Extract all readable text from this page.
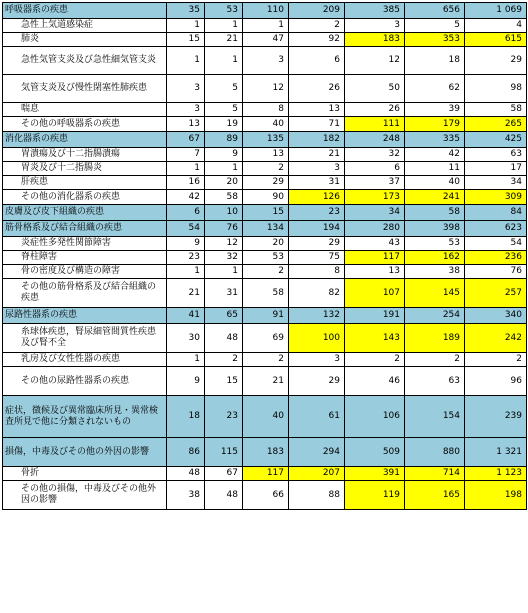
呼吸器系の疾患	35	53	110	209	385	656	1 069
急性上気道感染症	1	1	1	2	3	5	4
肺炎	15	21	47	92	183	353	615
急性気管支炎及び急性細気管支炎	1	1	3	6	12	18	29
気管支炎及び慢性閉塞性肺疾患	3	5	12	26	50	62	98
喘息	3	5	8	13	26	39	58
その他の呼吸器系の疾患	13	19	40	71	111	179	265
消化器系の疾患	67	89	135	182	248	335	425
胃潰瘍及び十二指腸潰瘍	7	9	13	21	32	42	63
胃炎及び十二指腸炎	1	1	2	3	6	11	17
肝疾患	16	20	29	31	37	40	34
その他の消化器系の疾患	42	58	90	126	173	241	309
皮膚及び皮下組織の疾患	6	10	15	23	34	58	84
筋骨格系及び結合組織の疾患	54	76	134	194	280	398	623
炎症性多発性関節障害	9	12	20	29	43	53	54
脊柱障害	23	32	53	75	117	162	236
骨の密度及び構造の障害	1	1	2	8	13	38	76
その他の筋骨格系及び結合組織の疾患	21	31	58	82	107	145	257
尿路性器系の疾患	41	65	91	132	191	254	340
糸球体疾患，腎尿細管間質性疾患及び腎不全	30	48	69	100	143	189	242
乳房及び女性性器の疾患	1	2	2	3	2	2	2
その他の尿路性器系の疾患	9	15	21	29	46	63	96
症状，徴候及び異常臨床所見・異常検査所見で他に分類されないもの	18	23	40	61	106	154	239
損傷，中毒及びその他の外因の影響	86	115	183	294	509	880	1 321
骨折	48	67	117	207	391	714	1 123
その他の損傷，中毒及びその他外因の影響	38	48	66	88	119	165	198
